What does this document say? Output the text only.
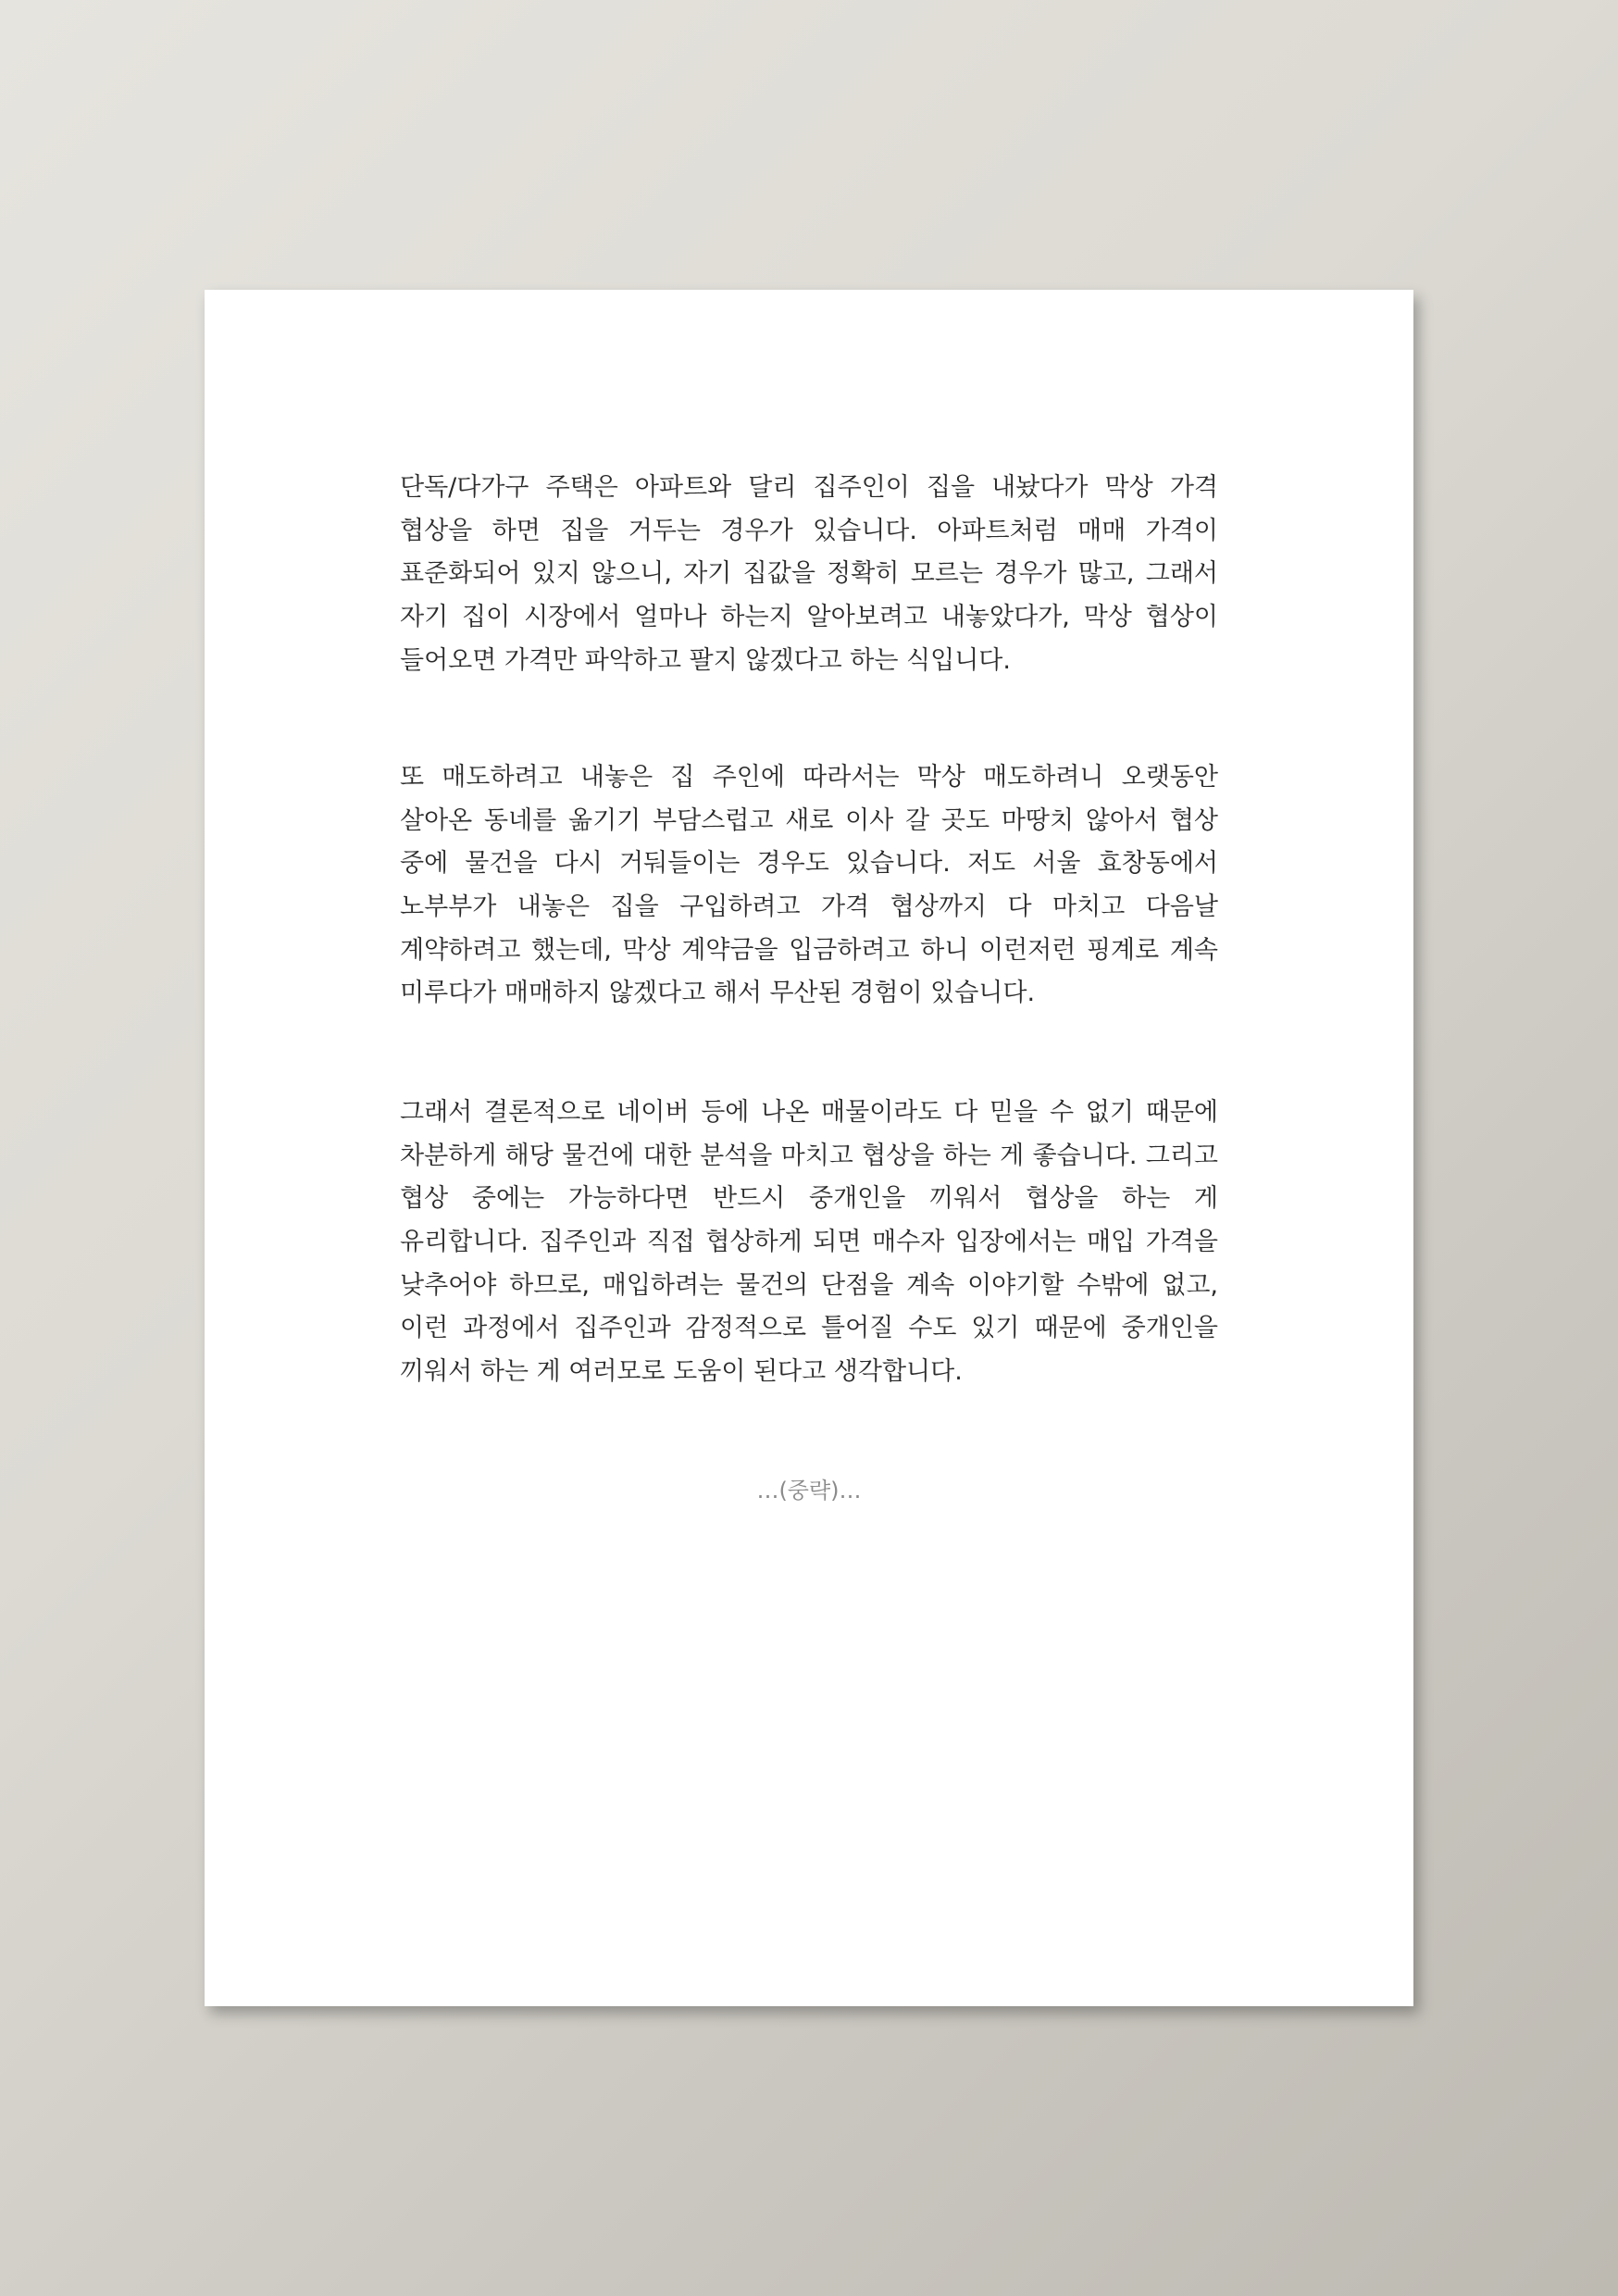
단독/다가구 주택은 아파트와 달리 집주인이 집을 내놨다가 막상 가격
협상을 하면 집을 거두는 경우가 있습니다. 아파트처럼 매매 가격이
표준화되어 있지 않으니, 자기 집값을 정확히 모르는 경우가 많고, 그래서
자기 집이 시장에서 얼마나 하는지 알아보려고 내놓았다가, 막상 협상이
들어오면 가격만 파악하고 팔지 않겠다고 하는 식입니다.
또 매도하려고 내놓은 집 주인에 따라서는 막상 매도하려니 오랫동안
살아온 동네를 옮기기 부담스럽고 새로 이사 갈 곳도 마땅치 않아서 협상
중에 물건을 다시 거둬들이는 경우도 있습니다. 저도 서울 효창동에서
노부부가 내놓은 집을 구입하려고 가격 협상까지 다 마치고 다음날
계약하려고 했는데, 막상 계약금을 입금하려고 하니 이런저런 핑계로 계속
미루다가 매매하지 않겠다고 해서 무산된 경험이 있습니다.
그래서 결론적으로 네이버 등에 나온 매물이라도 다 믿을 수 없기 때문에
차분하게 해당 물건에 대한 분석을 마치고 협상을 하는 게 좋습니다. 그리고
협상 중에는 가능하다면 반드시 중개인을 끼워서 협상을 하는 게
유리합니다. 집주인과 직접 협상하게 되면 매수자 입장에서는 매입 가격을
낮추어야 하므로, 매입하려는 물건의 단점을 계속 이야기할 수밖에 없고,
이런 과정에서 집주인과 감정적으로 틀어질 수도 있기 때문에 중개인을
끼워서 하는 게 여러모로 도움이 된다고 생각합니다.
…(중략)…
